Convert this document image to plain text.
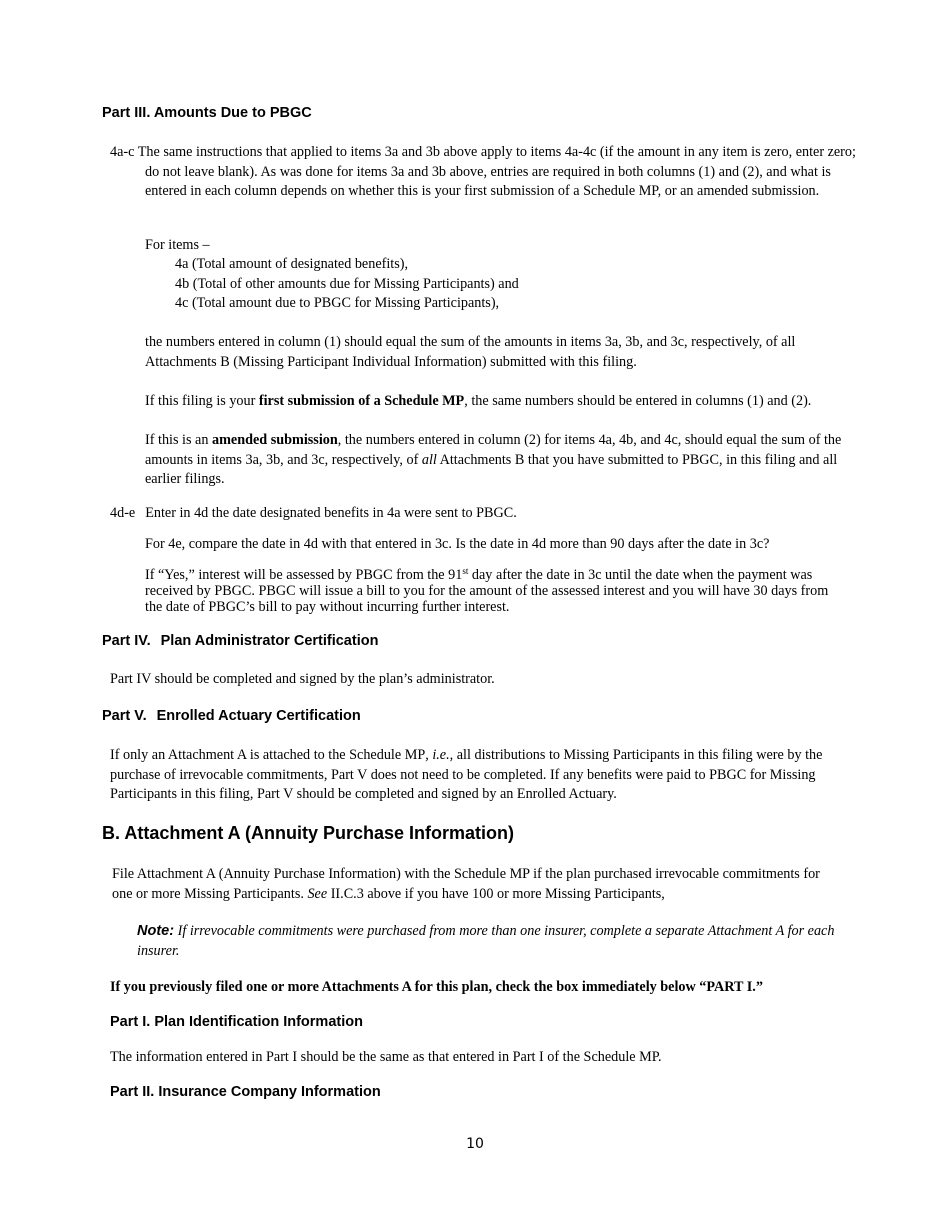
Part III. Amounts Due to PBGC
4a-c The same instructions that applied to items 3a and 3b above apply to items 4a-4c (if the amount in any item is zero, enter zero; do not leave blank). As was done for items 3a and 3b above, entries are required in both columns (1) and (2), and what is entered in each column depends on whether this is your first submission of a Schedule MP, or an amended submission.
For items –
4a (Total amount of designated benefits),
4b (Total of other amounts due for Missing Participants) and
4c (Total amount due to PBGC for Missing Participants),
the numbers entered in column (1) should equal the sum of the amounts in items 3a, 3b, and 3c, respectively, of all Attachments B (Missing Participant Individual Information) submitted with this filing.
If this filing is your first submission of a Schedule MP, the same numbers should be entered in columns (1) and (2).
If this is an amended submission, the numbers entered in column (2) for items 4a, 4b, and 4c, should equal the sum of the amounts in items 3a, 3b, and 3c, respectively, of all Attachments B that you have submitted to PBGC, in this filing and all earlier filings.
4d-e Enter in 4d the date designated benefits in 4a were sent to PBGC.
For 4e, compare the date in 4d with that entered in 3c. Is the date in 4d more than 90 days after the date in 3c?
If “Yes,” interest will be assessed by PBGC from the 91st day after the date in 3c until the date when the payment was received by PBGC. PBGC will issue a bill to you for the amount of the assessed interest and you will have 30 days from the date of PBGC’s bill to pay without incurring further interest.
Part IV. Plan Administrator Certification
Part IV should be completed and signed by the plan’s administrator.
Part V. Enrolled Actuary Certification
If only an Attachment A is attached to the Schedule MP, i.e., all distributions to Missing Participants in this filing were by the purchase of irrevocable commitments, Part V does not need to be completed. If any benefits were paid to PBGC for Missing Participants in this filing, Part V should be completed and signed by an Enrolled Actuary.
B. Attachment A (Annuity Purchase Information)
File Attachment A (Annuity Purchase Information) with the Schedule MP if the plan purchased irrevocable commitments for one or more Missing Participants. See II.C.3 above if you have 100 or more Missing Participants,
Note: If irrevocable commitments were purchased from more than one insurer, complete a separate Attachment A for each insurer.
If you previously filed one or more Attachments A for this plan, check the box immediately below “PART I.”
Part I. Plan Identification Information
The information entered in Part I should be the same as that entered in Part I of the Schedule MP.
Part II. Insurance Company Information
10
